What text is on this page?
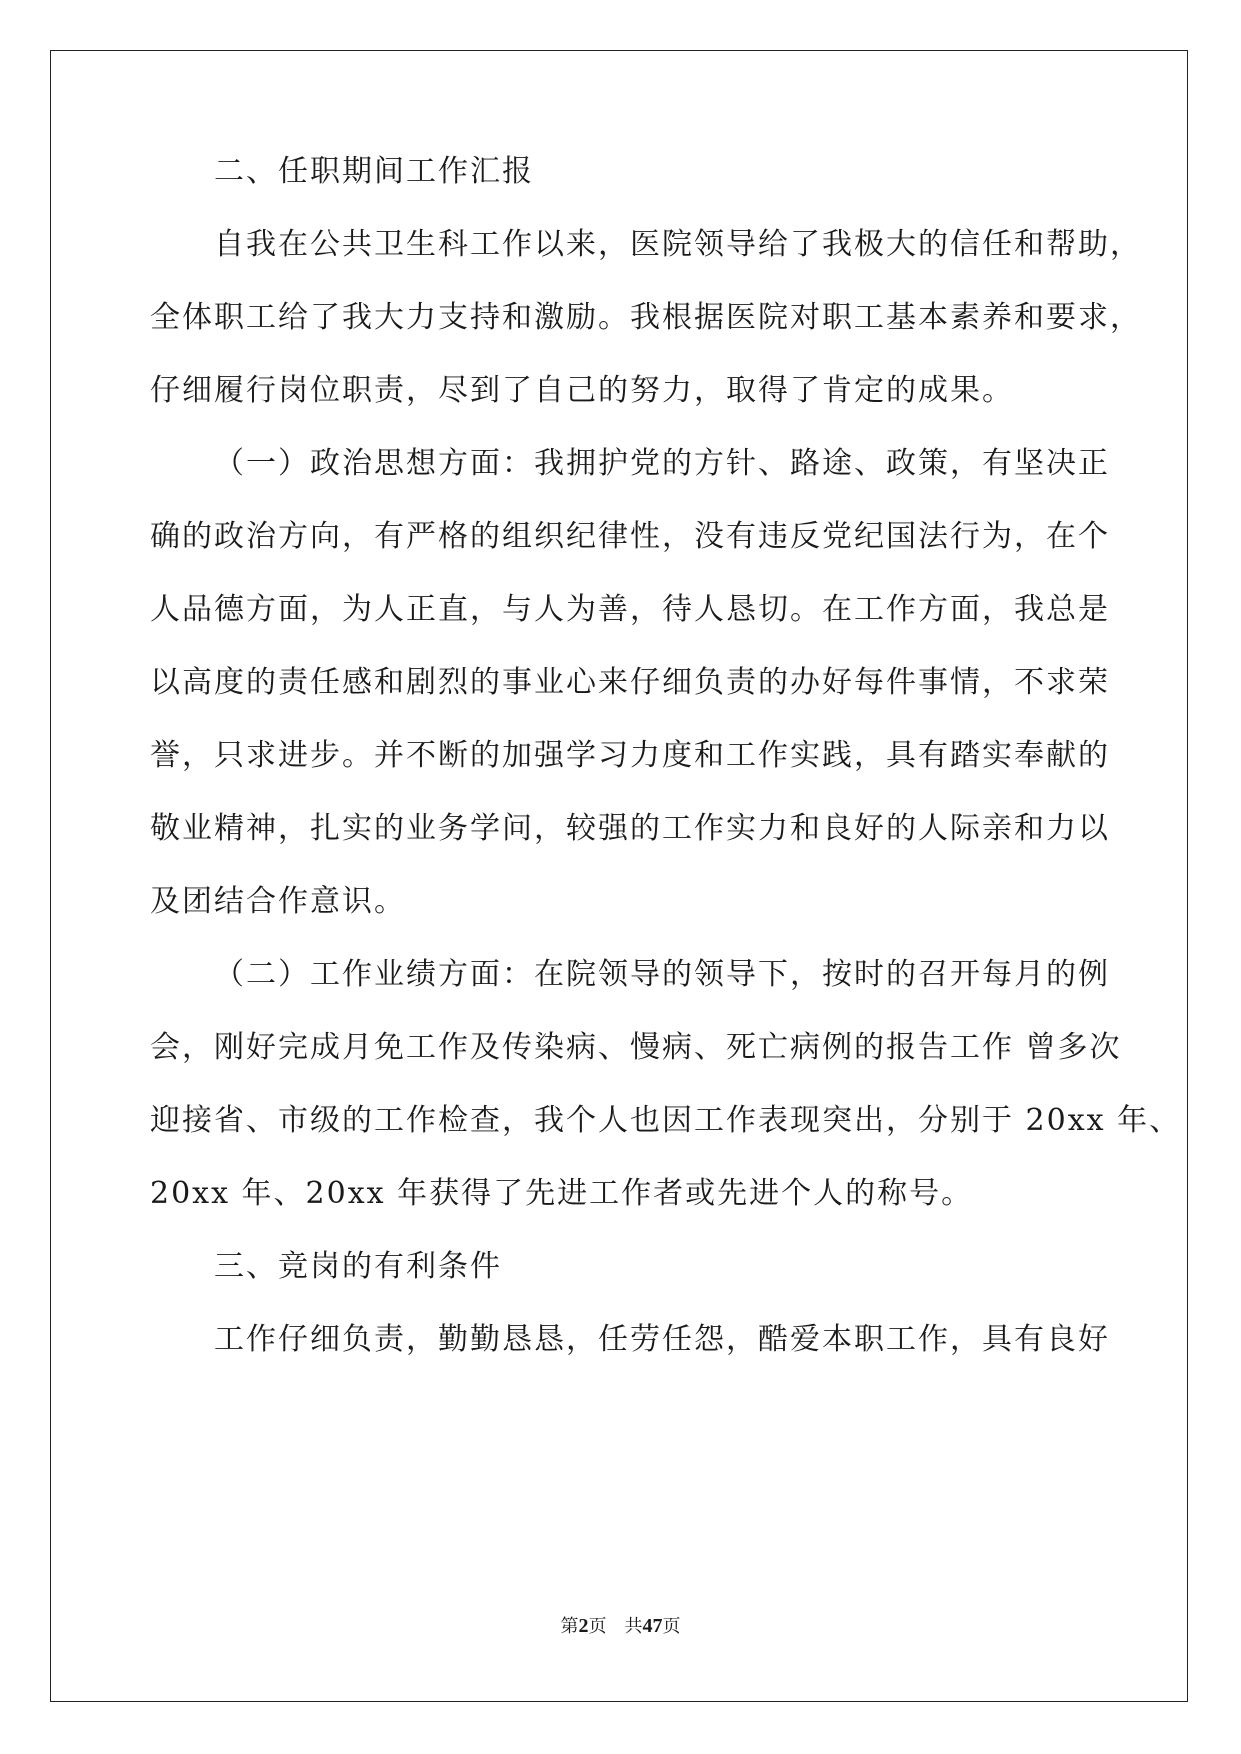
二、任职期间工作汇报
自我在公共卫生科工作以来，医院领导给了我极大的信任和帮助，
全体职工给了我大力支持和激励。我根据医院对职工基本素养和要求，
仔细履行岗位职责，尽到了自己的努力，取得了肯定的成果。
（一）政治思想方面：我拥护党的方针、路途、政策，有坚决正
确的政治方向，有严格的组织纪律性，没有违反党纪国法行为，在个
人品德方面，为人正直，与人为善，待人恳切。在工作方面，我总是
以高度的责任感和剧烈的事业心来仔细负责的办好每件事情，不求荣
誉，只求进步。并不断的加强学习力度和工作实践，具有踏实奉献的
敬业精神，扎实的业务学问，较强的工作实力和良好的人际亲和力以
及团结合作意识。
（二）工作业绩方面：在院领导的领导下，按时的召开每月的例
会，刚好完成月免工作及传染病、慢病、死亡病例的报告工作 曾多次
迎接省、市级的工作检查，我个人也因工作表现突出，分别于 20xx 年、
20xx 年、20xx 年获得了先进工作者或先进个人的称号。
三、竞岗的有利条件
工作仔细负责，勤勤恳恳，任劳任怨，酷爱本职工作，具有良好
第2页　共47页
